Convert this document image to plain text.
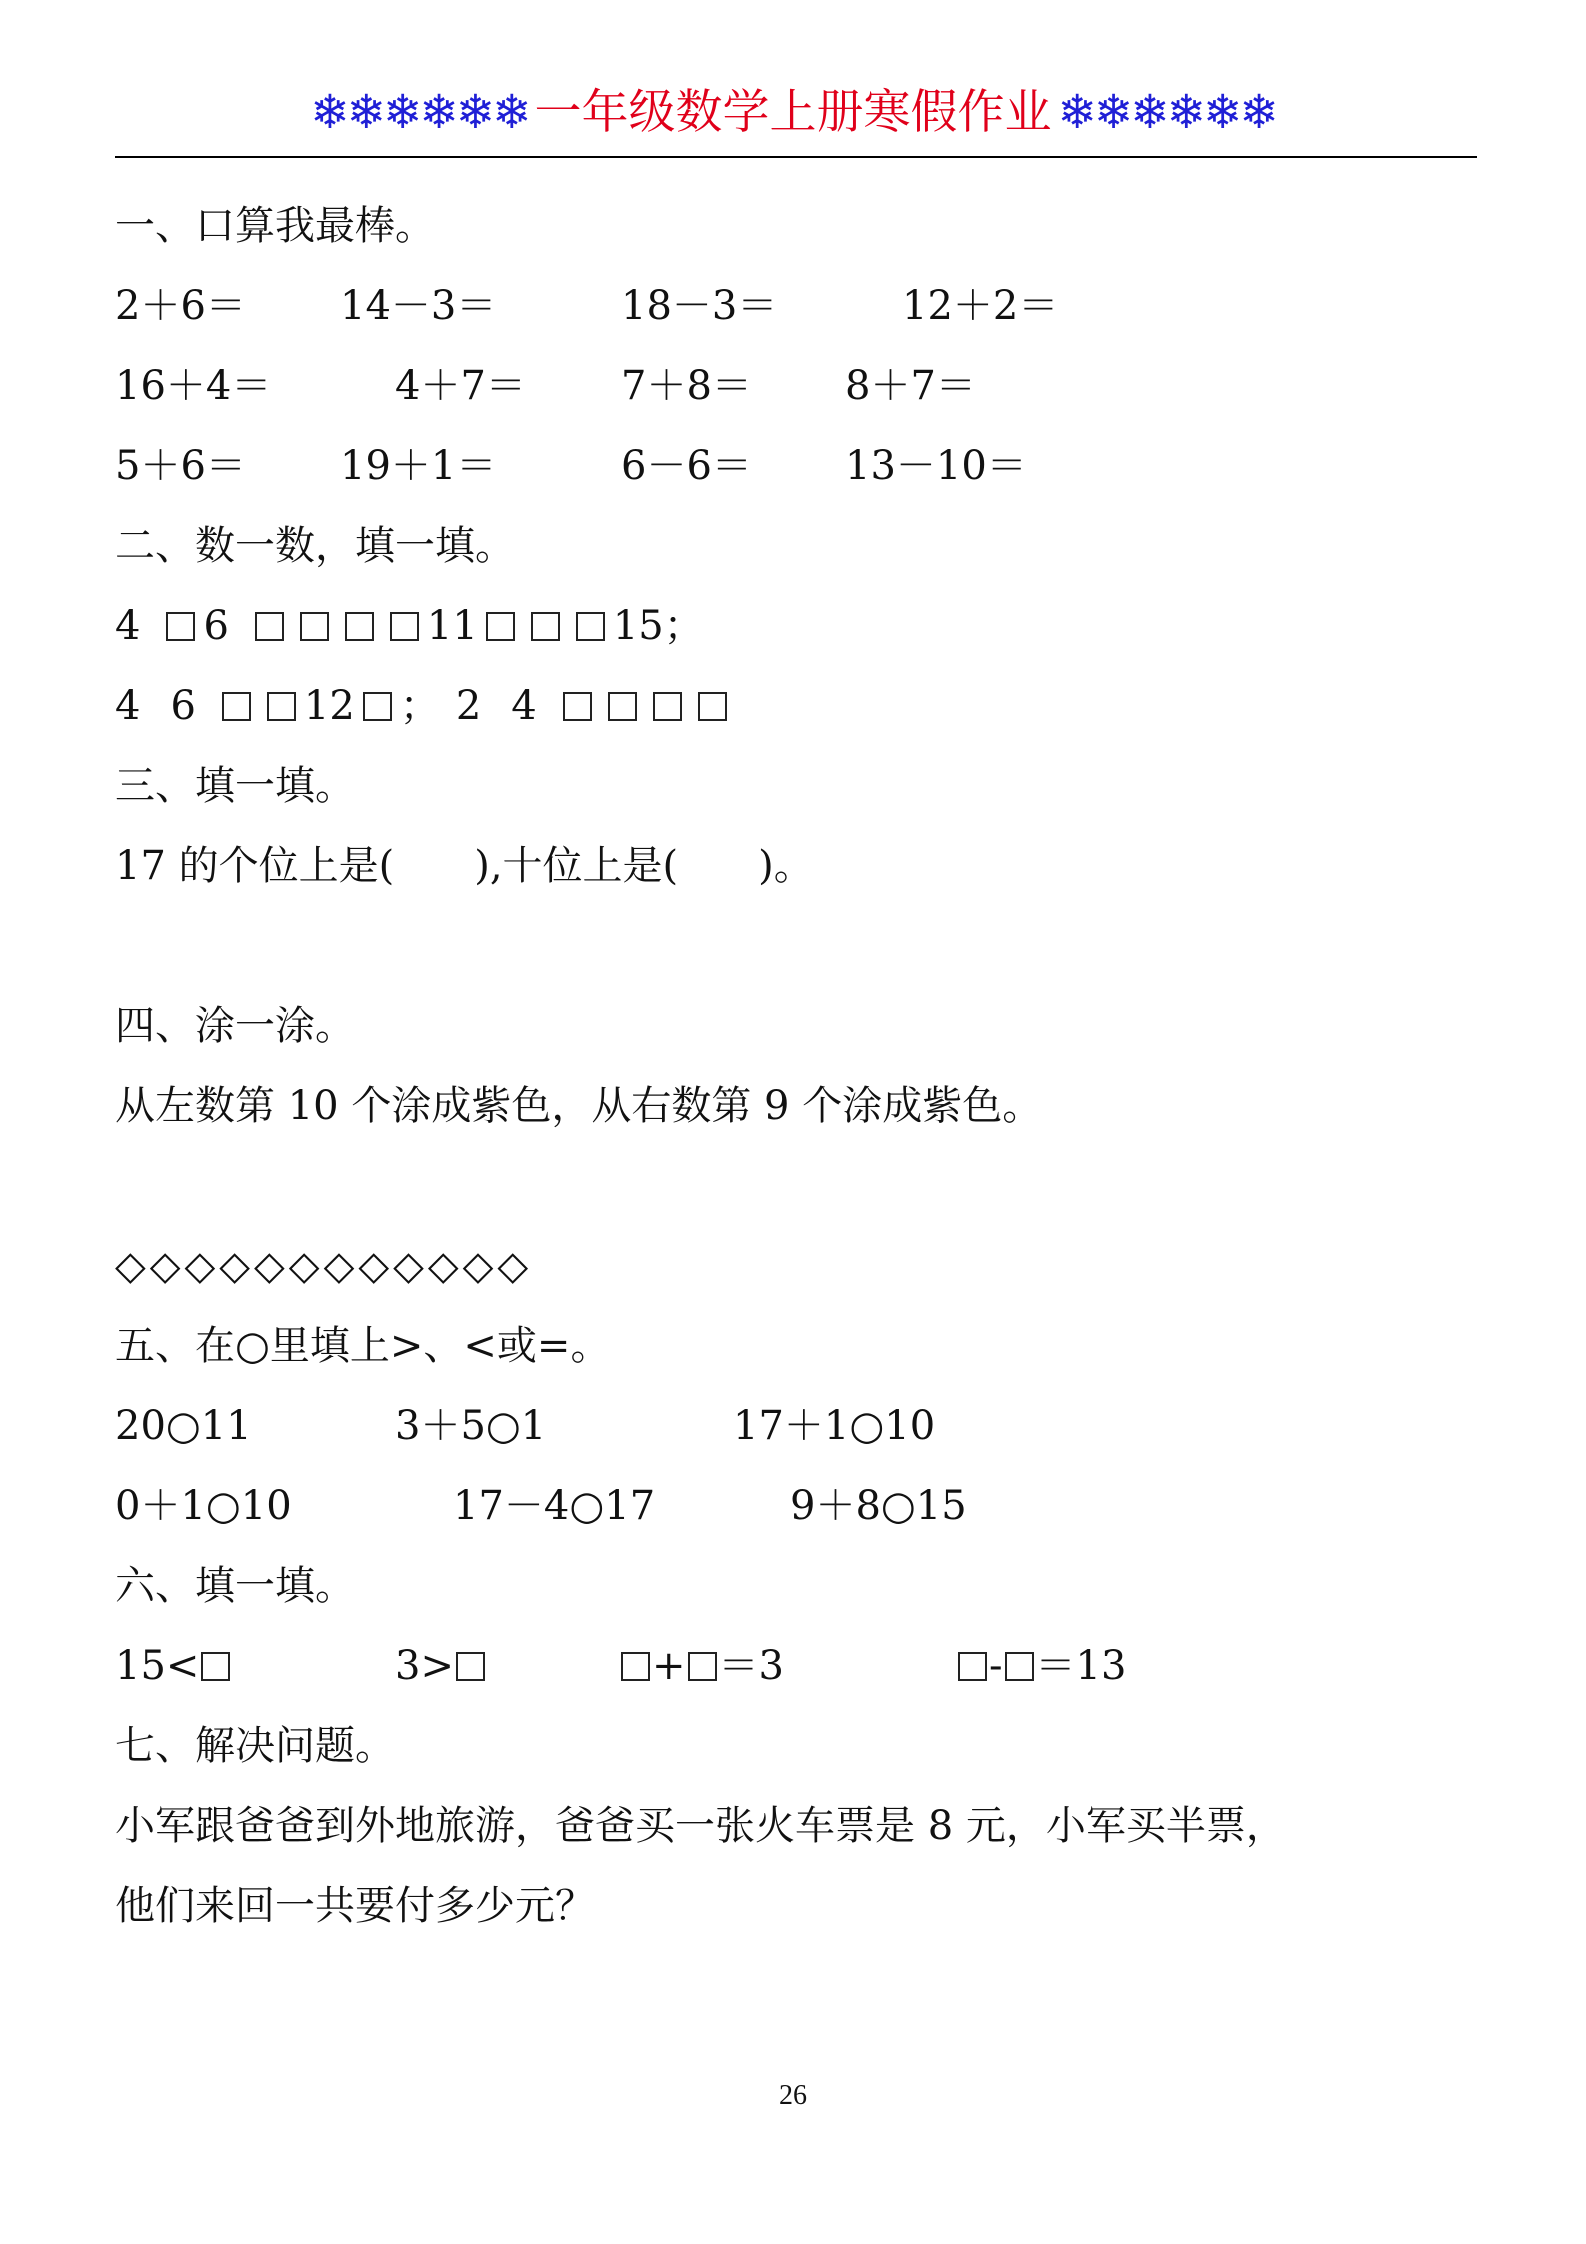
❄❄❄❄❄❄ 一年级数学上册寒假作业 ❄❄❄❄❄❄
一、口算我最棒。
2＋6＝ 14－3＝	18－3＝	12＋2＝
16＋4＝	4＋7＝ 7＋8＝ 8＋7＝
5＋6＝ 19＋1＝	6－6＝ 13－10＝
二、数一数，填一填。
4 6	11	15；
4 6	12 ； 2 4
三、填一填。
17 的个位上是(　　),十位上是(　　)。
四、涂一涂。
从左数第 10 个涂成紫色，从右数第 9 个涂成紫色。
◇◇◇◇◇◇◇◇◇◇◇◇
五、在○里填上>、<或=。
20○11	3＋5○1	17＋1○10
0＋1○10	17－4○17	9＋8○15
六、填一填。
15<	3>	+ ＝3	- ＝13
七、解决问题。
小军跟爸爸到外地旅游，爸爸买一张火车票是 8 元，小军买半票，
他们来回一共要付多少元？
26
